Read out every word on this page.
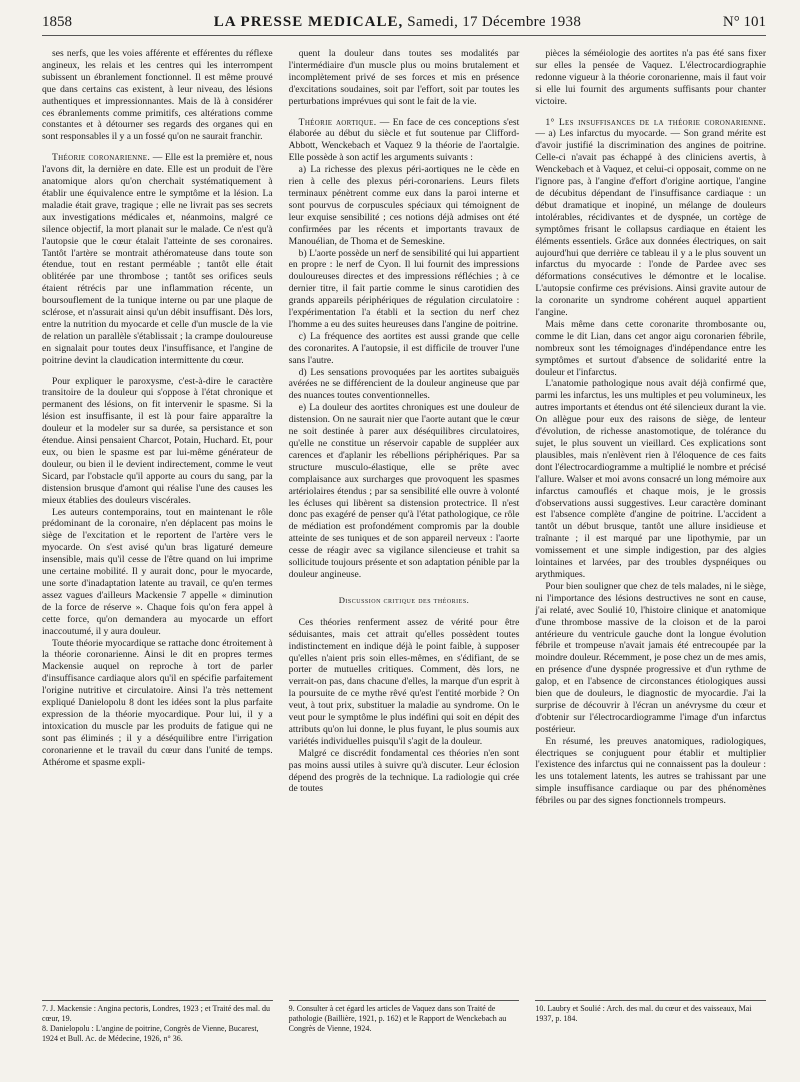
1858	LA PRESSE MEDICALE, Samedi, 17 Décembre 1938	N° 101

ses nerfs, que les voies afférente et efférentes du réflexe angineux, les relais et les centres qui les interrompent subissent un ébranlement fonctionnel. Il est même prouvé que dans certains cas existent, à leur niveau, des lésions authentiques et impressionnantes. Mais de là à considérer ces ébranlements comme primitifs, ces altérations comme constantes et à détourner ses regards des organes qui en sont responsables il y a un fossé qu'on ne saurait franchir.

Théorie coronarienne. — Elle est la première et, nous l'avons dit, la dernière en date. Elle est un produit de l'ère anatomique alors qu'on cherchait systématiquement à établir une équivalence entre le symptôme et la lésion. La maladie était grave, tragique ; elle ne livrait pas ses secrets aux investigations médicales et, néanmoins, malgré ce silence objectif, la mort planait sur le malade. Ce n'est qu'à l'autopsie que le cœur étalait l'atteinte de ses coronaires. Tantôt l'artère se montrait athéromateuse dans toute son étendue, tout en restant perméable ; tantôt elle était oblitérée par une thrombose ; tantôt ses orifices seuls étaient rétrécis par une inflammation récente, un boursouflement de la tunique interne ou par une plaque de sclérose, et n'assurait ainsi qu'un débit insuffisant. Dès lors, entre la nutrition du myocarde et celle d'un muscle de la vie de relation un parallèle s'établissait ; la crampe douloureuse en signalait pour toutes deux l'insuffisance, et l'angine de poitrine devint la claudication intermittente du cœur.

Pour expliquer le paroxysme, c'est-à-dire le caractère transitoire de la douleur qui s'oppose à l'état chronique et permanent des lésions, on fit intervenir le spasme. Si la lésion est insuffisante, il est là pour faire apparaître la douleur et la modeler sur sa durée, sa persistance et son étendue. Ainsi pensaient Charcot, Potain, Huchard. Et, pour eux, ou bien le spasme est par lui-même générateur de douleur, ou bien il le devient indirectement, comme le veut Sicard, par l'obstacle qu'il apporte au cours du sang, par la distension brusque d'amont qui réalise l'une des causes les mieux établies des douleurs viscérales.

Les auteurs contemporains, tout en maintenant le rôle prédominant de la coronaire, n'en déplacent pas moins le siège de l'excitation et le reportent de l'artère vers le myocarde. On s'est avisé qu'un bras ligaturé demeure insensible, mais qu'il cesse de l'être quand on lui imprime une certaine mobilité. Il y aurait donc, pour le myocarde, une sorte d'inadaptation latente au travail, ce qu'en termes assez vagues d'ailleurs Mackensie 7 appelle « diminution de la force de réserve ». Chaque fois qu'on fera appel à cette force, qu'on demandera au myocarde un effort inaccoutumé, il y aura douleur.

Toute théorie myocardique se rattache donc étroitement à la théorie coronarienne. Ainsi le dit en propres termes Mackensie auquel on reproche à tort de parler d'insuffisance cardiaque alors qu'il en spécifie parfaitement l'origine nutritive et circulatoire. Ainsi l'a très nettement expliqué Danielopolu 8 dont les idées sont la plus parfaite expression de la théorie myocardique. Pour lui, il y a intoxication du muscle par les produits de fatigue qui ne sont pas éliminés ; il y a déséquilibre entre l'irrigation coronarienne et le travail du cœur dans l'unité de temps. Athérome et spasme expli-

quent la douleur dans toutes ses modalités par l'intermédiaire d'un muscle plus ou moins brutalement et incomplètement privé de ses forces et mis en présence d'excitations soudaines, soit par l'effort, soit par toutes les perturbations imprévues qui sont le fait de la vie.

Théorie aortique. — En face de ces conceptions s'est élaborée au début du siècle et fut soutenue par Clifford-Abbott, Wenckebach et Vaquez 9 la théorie de l'aortalgie. Elle possède à son actif les arguments suivants :

a) La richesse des plexus péri-aortiques ne le cède en rien à celle des plexus péri-coronariens. Leurs filets terminaux pénètrent comme eux dans la paroi interne et sont pourvus de corpuscules spéciaux qui témoignent de leur exquise sensibilité ; ces notions déjà admises ont été confirmées par les récents et importants travaux de Manouélian, de Thoma et de Semeskine.

b) L'aorte possède un nerf de sensibilité qui lui appartient en propre : le nerf de Cyon. Il lui fournit des impressions douloureuses directes et des impressions réfléchies ; à ce dernier titre, il fait partie comme le sinus carotidien des grands appareils périphériques de régulation circulatoire : l'expérimentation l'a établi et la section du nerf chez l'homme a eu des suites heureuses dans l'angine de poitrine.

c) La fréquence des aortites est aussi grande que celle des coronarites. A l'autopsie, il est difficile de trouver l'une sans l'autre.

d) Les sensations provoquées par les aortites subaiguës avérées ne se différencient de la douleur angineuse que par des nuances toutes conventionnelles.

e) La douleur des aortites chroniques est une douleur de distension. On ne saurait nier que l'aorte autant que le cœur ne soit destinée à parer aux déséquilibres circulatoires, qu'elle ne constitue un réservoir capable de suppléer aux carences et d'aplanir les rébellions périphériques. Par sa structure musculo-élastique, elle se prête avec complaisance aux surcharges que provoquent les spasmes artériolaires étendus ; par sa sensibilité elle ouvre à volonté les écluses qui libèrent sa distension protectrice. Il n'est donc pas exagéré de penser qu'à l'état pathologique, ce rôle de médiation est profondément compromis par la double atteinte de ses tuniques et de son appareil nerveux : l'aorte cesse de réagir avec sa vigilance silencieuse et trahit sa sollicitude toujours présente et son adaptation pénible par la douleur angineuse.

Discussion critique des théories.

Ces théories renferment assez de vérité pour être séduisantes, mais cet attrait qu'elles possèdent toutes indistinctement en indique déjà le point faible, à supposer qu'elles n'aient pris soin elles-mêmes, en s'édifiant, de se porter de mutuelles critiques. Comment, dès lors, ne verrait-on pas, dans chacune d'elles, la marque d'un esprit à la poursuite de ce mythe rêvé qu'est l'entité morbide ? On veut, à tout prix, substituer la maladie au syndrome. On le veut pour le symptôme le plus indéfini qui soit en dépit des attributs qu'on lui donne, le plus fuyant, le plus soumis aux variétés individuelles puisqu'il s'agit de la douleur.

Malgré ce discrédit fondamental ces théories n'en sont pas moins aussi utiles à suivre qu'à discuter. Leur éclosion dépend des progrès de la technique. La radiologie qui crée de toutes

pièces la séméiologie des aortites n'a pas été sans fixer sur elles la pensée de Vaquez. L'électrocardiographie redonne vigueur à la théorie coronarienne, mais il faut voir si elle lui fournit des arguments suffisants pour chanter victoire.

1° Les insuffisances de la théorie coronarienne. — a) Les infarctus du myocarde. — Son grand mérite est d'avoir justifié la discrimination des angines de poitrine. Celle-ci n'avait pas échappé à des cliniciens avertis, à Wenckebach et à Vaquez, et celui-ci opposait, comme on ne l'ignore pas, à l'angine d'effort d'origine aortique, l'angine de décubitus dépendant de l'insuffisance cardiaque : un début dramatique et inopiné, un mélange de douleurs intolérables, récidivantes et de dyspnée, un cortège de symptômes frisant le collapsus cardiaque en étaient les éléments essentiels. Grâce aux données électriques, on sait aujourd'hui que derrière ce tableau il y a le plus souvent un infarctus du myocarde : l'onde de Pardee avec ses déformations consécutives le démontre et le localise. L'autopsie confirme ces prévisions. Ainsi gravite autour de la coronarite un syndrome cohérent auquel appartient l'angine.

Mais même dans cette coronarite thrombosante ou, comme le dit Lian, dans cet angor aigu coronarien fébrile, nombreux sont les témoignages d'indépendance entre les symptômes et surtout d'absence de solidarité entre la douleur et l'infarctus.

L'anatomie pathologique nous avait déjà confirmé que, parmi les infarctus, les uns multiples et peu volumineux, les autres importants et étendus ont été silencieux durant la vie. On allègue pour eux des raisons de siège, de lenteur d'évolution, de richesse anastomotique, de tolérance du sujet, le plus souvent un vieillard. Ces explications sont plausibles, mais n'enlèvent rien à l'éloquence de ces faits dont l'électrocardiogramme a multiplié le nombre et précisé l'allure. Walser et moi avons consacré un long mémoire aux infarctus camouflés et chaque mois, je le grossis d'observations aussi suggestives. Leur caractère dominant est l'absence complète d'angine de poitrine. L'accident a tantôt un début brusque, tantôt une allure insidieuse et traînante ; il est marqué par une lipothymie, par un vomissement et une simple indigestion, par des algies lointaines et larvées, par des troubles dyspnéiques ou arythmiques.

Pour bien souligner que chez de tels malades, ni le siège, ni l'importance des lésions destructives ne sont en cause, j'ai relaté, avec Soulié 10, l'histoire clinique et anatomique d'une thrombose massive de la cloison et de la paroi antérieure du ventricule gauche dont la longue évolution fébrile et trompeuse n'avait jamais été entrecoupée par la moindre douleur. Récemment, je pose chez un de mes amis, en présence d'une dyspnée progressive et d'un rythme de galop, et en l'absence de circonstances étiologiques aussi bien que de douleurs, le diagnostic de myocardie. J'ai la surprise de découvrir à l'écran un anévrysme du cœur et d'obtenir sur l'électrocardiogramme l'image d'un infarctus postérieur.

En résumé, les preuves anatomiques, radiologiques, électriques se conjuguent pour établir et multiplier l'existence des infarctus qui ne connaissent pas la douleur : les uns totalement latents, les autres se trahissant par une simple insuffisance cardiaque ou par des phénomènes fébriles ou par des signes fonctionnels trompeurs.

7. J. Mackensie : Angina pectoris, Londres, 1923 ; et Traité des mal. du cœur, 19.

8. Danielopolu : L'angine de poitrine, Congrès de Vienne, Bucarest, 1924 et Bull. Ac. de Médecine, 1926, n° 36.

9. Consulter à cet égard les articles de Vaquez dans son Traité de pathologie (Baillière, 1921, p. 162) et le Rapport de Wenckebach au Congrès de Vienne, 1924.

10. Laubry et Soulié : Arch. des mal. du cœur et des vaisseaux, Mai 1937, p. 184.
